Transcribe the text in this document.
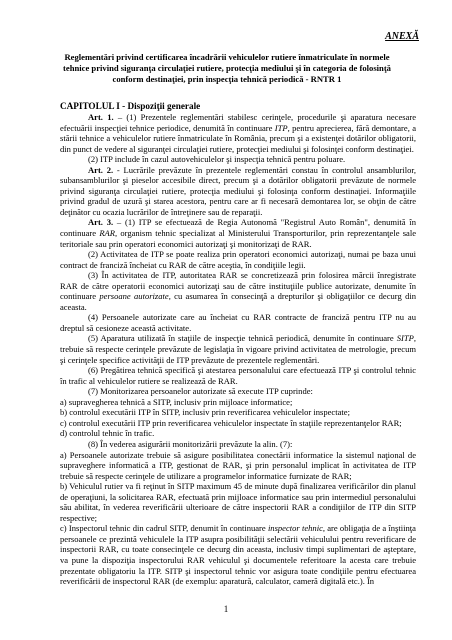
ANEXĂ
Reglementări privind certificarea încadrării vehiculelor rutiere înmatriculate în normele tehnice privind siguranţa circulaţiei rutiere, protecţia mediului şi în categoria de folosinţă conform destinaţiei, prin inspecţia tehnică periodică - RNTR 1
CAPITOLUL I - Dispoziţii generale

Art. 1. – (1) Prezentele reglementări stabilesc cerinţele, procedurile şi aparatura necesare efectuării inspecţiei tehnice periodice, denumită în continuare ITP, pentru aprecierea, fără demontare, a stării tehnice a vehiculelor rutiere înmatriculate în România, precum şi a existenţei dotărilor obligatorii, din punct de vedere al siguranţei circulaţiei rutiere, protecţiei mediului şi folosinţei conform destinaţiei.

(2) ITP include în cazul autovehiculelor şi inspecţia tehnică pentru poluare.

Art. 2. - Lucrările prevăzute în prezentele reglementări constau în controlul ansamblurilor, subansamblurilor şi pieselor accesibile direct, precum şi a dotărilor obligatorii prevăzute de normele privind siguranţa circulaţiei rutiere, protecţia mediului şi folosinţa conform destinaţiei. Informaţiile privind gradul de uzură şi starea acestora, pentru care ar fi necesară demontarea lor, se obţin de către deţinător cu ocazia lucrărilor de întreţinere sau de reparaţii.

Art. 3. – (1) ITP se efectuează de Regia Autonomă "Registrul Auto Român", denumită în continuare RAR, organism tehnic specializat al Ministerului Transporturilor, prin reprezentanţele sale teritoriale sau prin operatori economici autorizaţi şi monitorizaţi de RAR.

(2) Activitatea de ITP se poate realiza prin operatori economici autorizaţi, numai pe baza unui contract de franciză încheiat cu RAR de către aceştia, în condiţiile legii.

(3) În activitatea de ITP, autoritatea RAR se concretizează prin folosirea mărcii înregistrate RAR de către operatorii economici autorizaţi sau de către instituţiile publice autorizate, denumite în continuare persoane autorizate, cu asumarea în consecinţă a drepturilor şi obligaţiilor ce decurg din aceasta.

(4) Persoanele autorizate care au încheiat cu RAR contracte de franciză pentru ITP nu au dreptul să cesioneze această activitate.

(5) Aparatura utilizată în staţiile de inspecţie tehnică periodică, denumite în continuare SITP, trebuie să respecte cerinţele prevăzute de legislaţia în vigoare privind activitatea de metrologie, precum şi cerinţele specifice activităţii de ITP prevăzute de prezentele reglementări.

(6) Pregătirea tehnică specifică şi atestarea personalului care efectuează ITP şi controlul tehnic în trafic al vehiculelor rutiere se realizează de RAR.

(7) Monitorizarea persoanelor autorizate să execute ITP cuprinde:

a) supravegherea tehnică a SITP, inclusiv prin mijloace informatice;

b) controlul executării ITP în SITP, inclusiv prin reverificarea vehiculelor inspectate;

c) controlul executării ITP prin reverificarea vehiculelor inspectate în staţiile reprezentanţelor RAR;

d) controlul tehnic în trafic.

(8) În vederea asigurării monitorizării prevăzute la alin. (7):

a) Persoanele autorizate trebuie să asigure posibilitatea conectării informatice la sistemul naţional de supraveghere informatică a ITP, gestionat de RAR, şi prin personalul implicat în activitatea de ITP trebuie să respecte cerinţele de utilizare a programelor informatice furnizate de RAR;

b) Vehiculul rutier va fi reţinut în SITP maximum 45 de minute după finalizarea verificărilor din planul de operaţiuni, la solicitarea RAR, efectuată prin mijloace informatice sau prin intermediul personalului său abilitat, în vederea reverificării ulterioare de către inspectorii RAR a condiţiilor de ITP din SITP respective;

c) Inspectorul tehnic din cadrul SITP, denumit în continuare inspector tehnic, are obligaţia de a înştiinţa persoanele ce prezintă vehiculele la ITP asupra posibilităţii selectării vehiculului pentru reverificare de inspectorii RAR, cu toate consecinţele ce decurg din aceasta, inclusiv timpi suplimentari de aşteptare, va pune la dispoziţia inspectorului RAR vehiculul şi documentele referitoare la acesta care trebuie prezentate obligatoriu la ITP. SITP şi inspectorul tehnic vor asigura toate condiţiile pentru efectuarea reverificării de inspectorul RAR (de exemplu: aparatură, calculator, cameră digitală etc.). În

1
